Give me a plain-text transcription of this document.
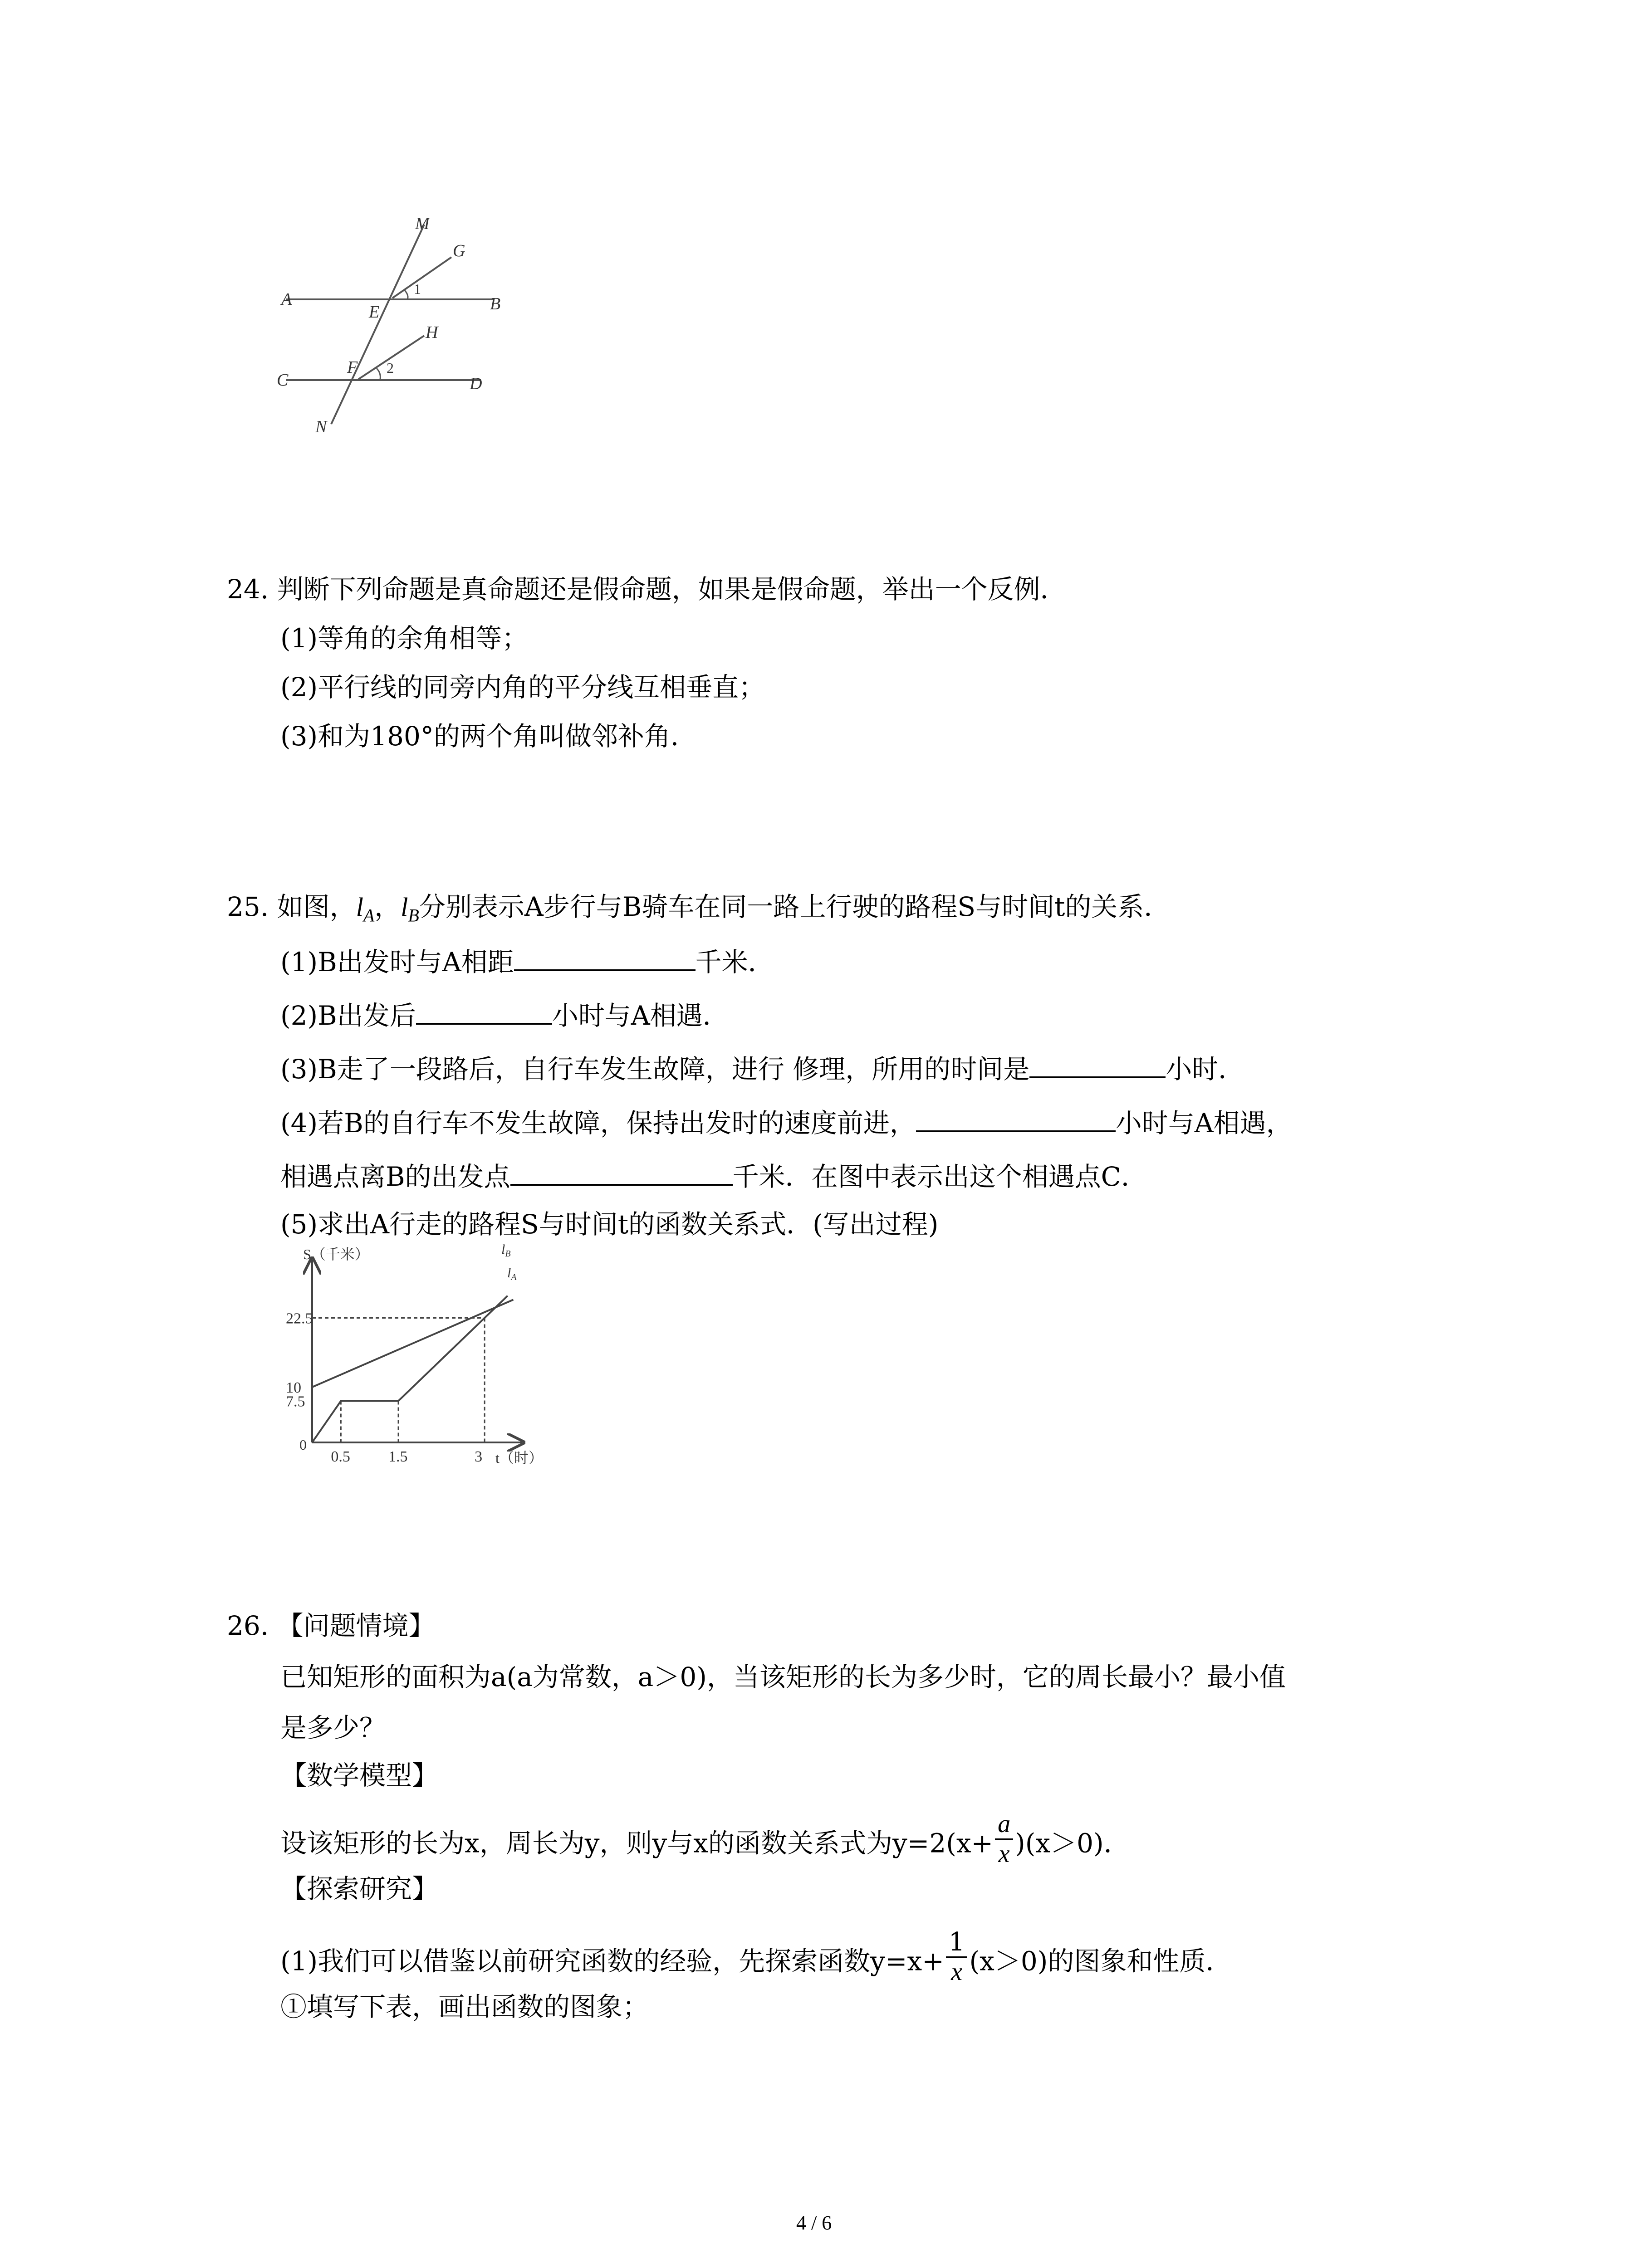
M
G
1
A
E	B
H
F 2
C	D
N
24. 判断下列命题是真命题还是假命题，如果是假命题，举出一个反例．
(1)等角的余角相等；
(2)平行线的同旁内角的平分线互相垂直；
(3)和为180°的两个角叫做邻补角．
25. 如图，$l_A$，$l_B$分别表示A步行与B骑车在同一路上行驶的路程S与时间t的关系．
(1)B出发时与A相距	千米．
(2)B出发后	小时与A相遇．
(3)B走了一段路后，自行车发生故障，进行 修理，所用的时间是	小时．
(4)若B的自行车不发生故障，保持出发时的速度前进，	小时与A相遇，
相遇点离B的出发点	千米．在图中表示出这个相遇点C．
(5)求出A行走的路程S与时间t的函数关系式．(写出过程)
0.5 1.5	3
22.5
10
7.5
S（千米）
t（时）
0
$l_B$
$l_A$
26. 【问题情境】
已知矩形的面积为a(a为常数，a＞0)，当该矩形的长为多少时，它的周长最小？最小值
是多少？
【数学模型】
设该矩形的长为x，周长为y，则y与x的函数关系式为$y=2(x+ \frac{a}{x} )(x>0)$．
【探索研究】
(1)我们可以借鉴以前研究函数的经验，先探索函数$y=x+ \frac{1}{x} (x>0)$的图象和性质．
①填写下表，画出函数的图象；
4 / 6
